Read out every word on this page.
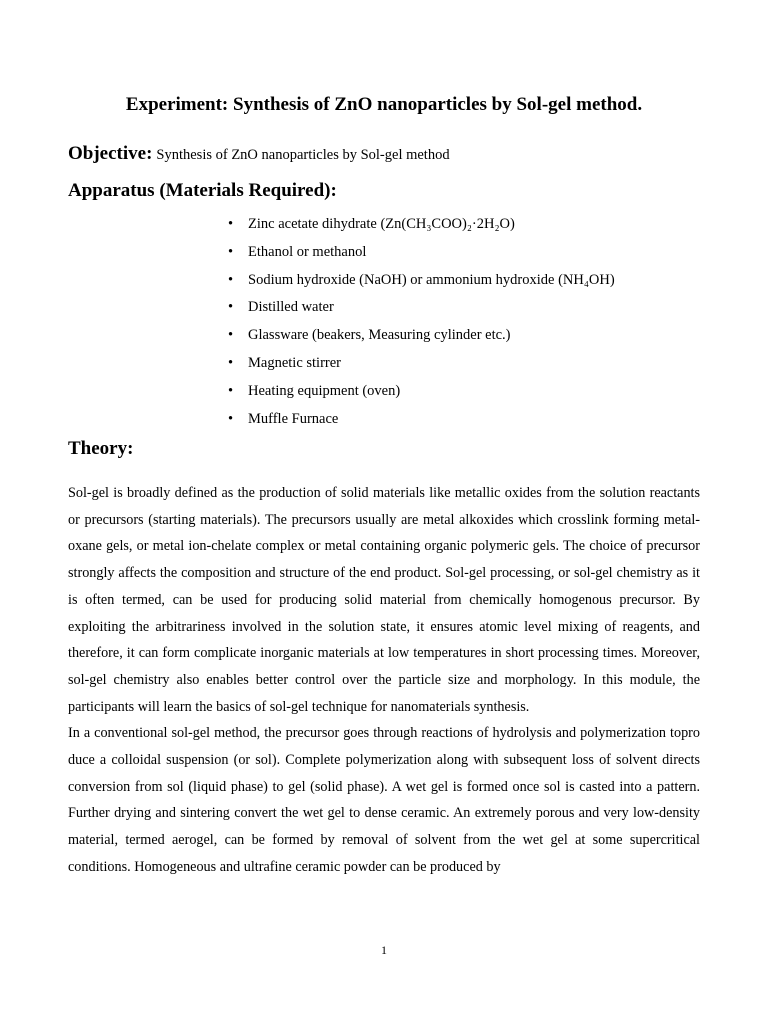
Experiment: Synthesis of ZnO nanoparticles by Sol-gel method.
Objective: Synthesis of ZnO nanoparticles by Sol-gel method
Apparatus (Materials Required):
• Zinc acetate dihydrate (Zn(CH₃COO)₂·2H₂O)
• Ethanol or methanol
• Sodium hydroxide (NaOH) or ammonium hydroxide (NH₄OH)
• Distilled water
• Glassware (beakers, Measuring cylinder etc.)
• Magnetic stirrer
• Heating equipment (oven)
• Muffle Furnace
Theory:

Sol-gel is broadly defined as the production of solid materials like metallic oxides from the solution reactants or precursors (starting materials). The precursors usually are metal alkoxides which crosslink forming metal-oxane gels, or metal ion-chelate complex or metal containing organic polymeric gels. The choice of precursor strongly affects the composition and structure of the end product. Sol-gel processing, or sol-gel chemistry as it is often termed, can be used for producing solid material from chemically homogenous precursor. By exploiting the arbitrariness involved in the solution state, it ensures atomic level mixing of reagents, and therefore, it can form complicate inorganic materials at low temperatures in short processing times. Moreover, sol-gel chemistry also enables better control over the particle size and morphology. In this module, the participants will learn the basics of sol-gel technique for nanomaterials synthesis.

In a conventional sol-gel method, the precursor goes through reactions of hydrolysis and polymerization topro duce a colloidal suspension (or sol). Complete polymerization along with subsequent loss of solvent directs conversion from sol (liquid phase) to gel (solid phase). A wet gel is formed once sol is casted into a pattern. Further drying and sintering convert the wet gel to dense ceramic. An extremely porous and very low-density material, termed aerogel, can be formed by removal of solvent from the wet gel at some supercritical conditions. Homogeneous and ultrafine ceramic powder can be produced by

1
